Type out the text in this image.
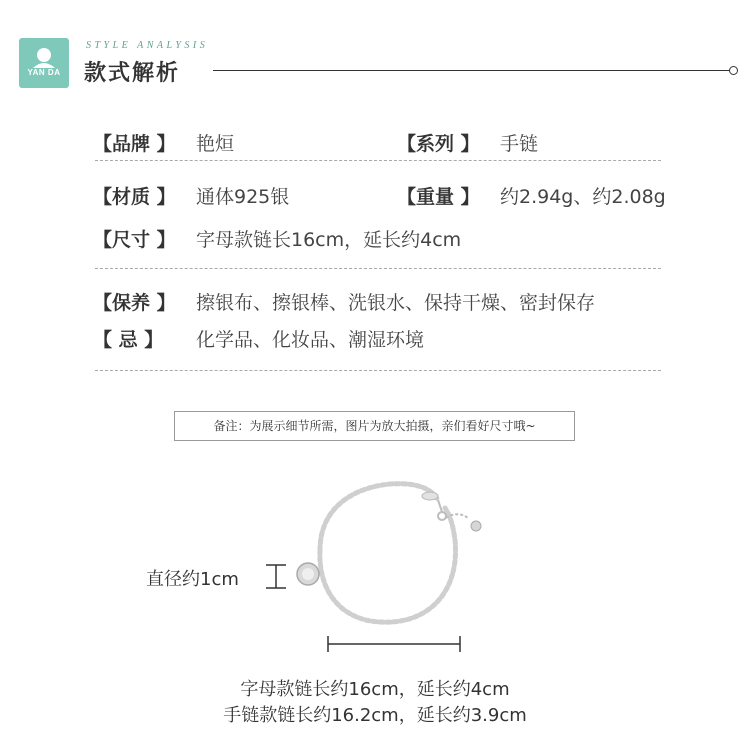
YAN DA
STYLE ANALYSIS
款式解析
【品牌 】 艳烜	【系列 】 手链
【材质 】 通体925银	【重量 】 约2.94g、约2.08g
【尺寸 】 字母款链长16cm，延长约4cm
【保养 】 擦银布、擦银棒、洗银水、保持干燥、密封保存
【 忌 】 化学品、化妆品、潮湿环境
备注：为展示细节所需，图片为放大拍摄，亲们看好尺寸哦~
直径约1cm
字母款链长约16cm，延长约4cm
手链款链长约16.2cm，延长约3.9cm
